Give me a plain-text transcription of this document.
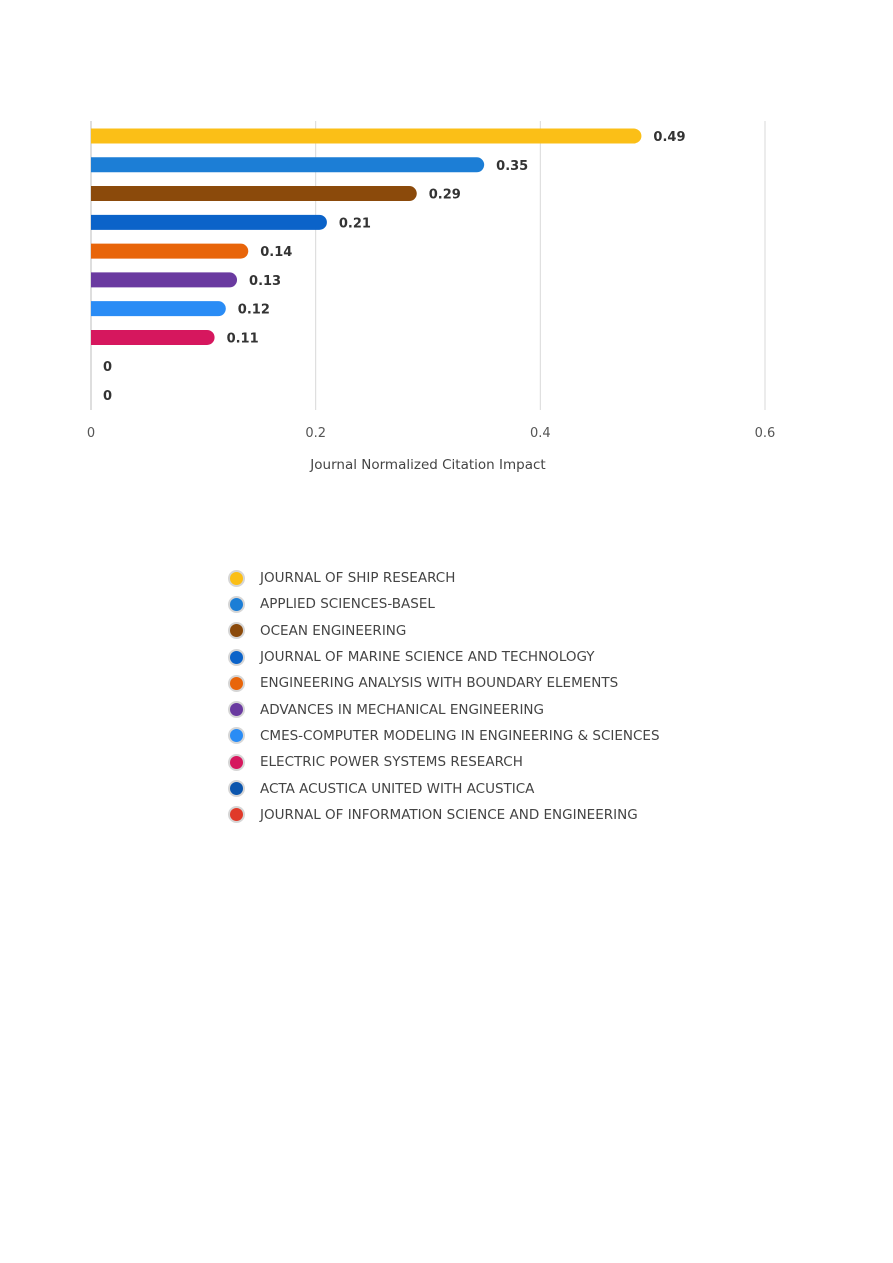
0.49
0.35
0.29
0.21
0.14
0.13
0.12
0.11
0
0
0	0.2	0.4	0.6
Journal Normalized Citation Impact
JOURNAL OF SHIP RESEARCH
APPLIED SCIENCES-BASEL
OCEAN ENGINEERING
JOURNAL OF MARINE SCIENCE AND TECHNOLOGY
ENGINEERING ANALYSIS WITH BOUNDARY ELEMENTS
ADVANCES IN MECHANICAL ENGINEERING
CMES-COMPUTER MODELING IN ENGINEERING & SCIENCES
ELECTRIC POWER SYSTEMS RESEARCH
ACTA ACUSTICA UNITED WITH ACUSTICA
JOURNAL OF INFORMATION SCIENCE AND ENGINEERING
